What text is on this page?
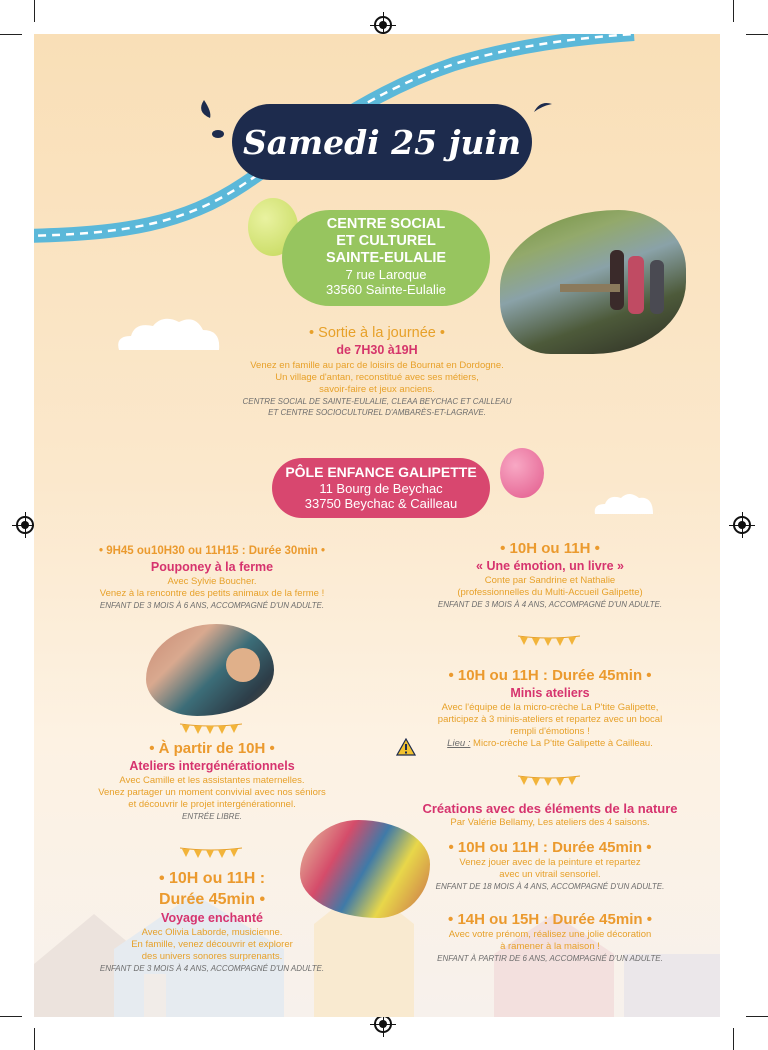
Samedi 25 juin
CENTRE SOCIAL
ET CULTUREL
SAINTE-EULALIE
7 rue Laroque
33560 Sainte-Eulalie
• Sortie à la journée •
de 7H30 à19H
Venez en famille au parc de loisirs de Bournat en Dordogne.
Un village d'antan, reconstitué avec ses métiers,
savoir-faire et jeux anciens.
CENTRE SOCIAL DE SAINTE-EULALIE, CLEAA BEYCHAC ET CAILLEAU
ET CENTRE SOCIOCULTUREL D'AMBARÈS-ET-LAGRAVE.
PÔLE ENFANCE GALIPETTE
11 Bourg de Beychac
33750 Beychac & Cailleau
• 9H45 ou10H30 ou 11H15 : Durée 30min •
Pouponey à la ferme
Avec Sylvie Boucher.
Venez à la rencontre des petits animaux de la ferme !
ENFANT DE 3 MOIS À 6 ANS, ACCOMPAGNÉ D'UN ADULTE.
• À partir de 10H •
Ateliers intergénérationnels
Avec Camille et les assistantes maternelles.
Venez partager un moment convivial avec nos séniors
et découvrir le projet intergénérationnel.
ENTRÉE LIBRE.
• 10H ou 11H :
Durée 45min •
Voyage enchanté
Avec Olivia Laborde, musicienne.
En famille, venez découvrir et explorer
des univers sonores surprenants.
ENFANT DE 3 MOIS À 4 ANS, ACCOMPAGNÉ D'UN ADULTE.
• 10H ou 11H •
« Une émotion, un livre »
Conte par Sandrine et Nathalie
(professionnelles du Multi-Accueil Galipette)
ENFANT DE 3 MOIS À 4 ANS, ACCOMPAGNÉ D'UN ADULTE.
• 10H ou 11H : Durée 45min •
Minis ateliers
Avec l'équipe de la micro-crèche La P'tite Galipette,
participez à 3 minis-ateliers et repartez avec un bocal
rempli d'émotions !
Lieu : Micro-crèche La P'tite Galipette à Cailleau.
Créations avec des éléments de la nature
Par Valérie Bellamy, Les ateliers des 4 saisons.
• 10H ou 11H : Durée 45min •
Venez jouer avec de la peinture et repartez
avec un vitrail sensoriel.
ENFANT DE 18 MOIS À 4 ANS, ACCOMPAGNÉ D'UN ADULTE.
• 14H ou 15H : Durée 45min •
Avec votre prénom, réalisez une jolie décoration
à ramener à la maison !
ENFANT À PARTIR DE 6 ANS, ACCOMPAGNÉ D'UN ADULTE.
